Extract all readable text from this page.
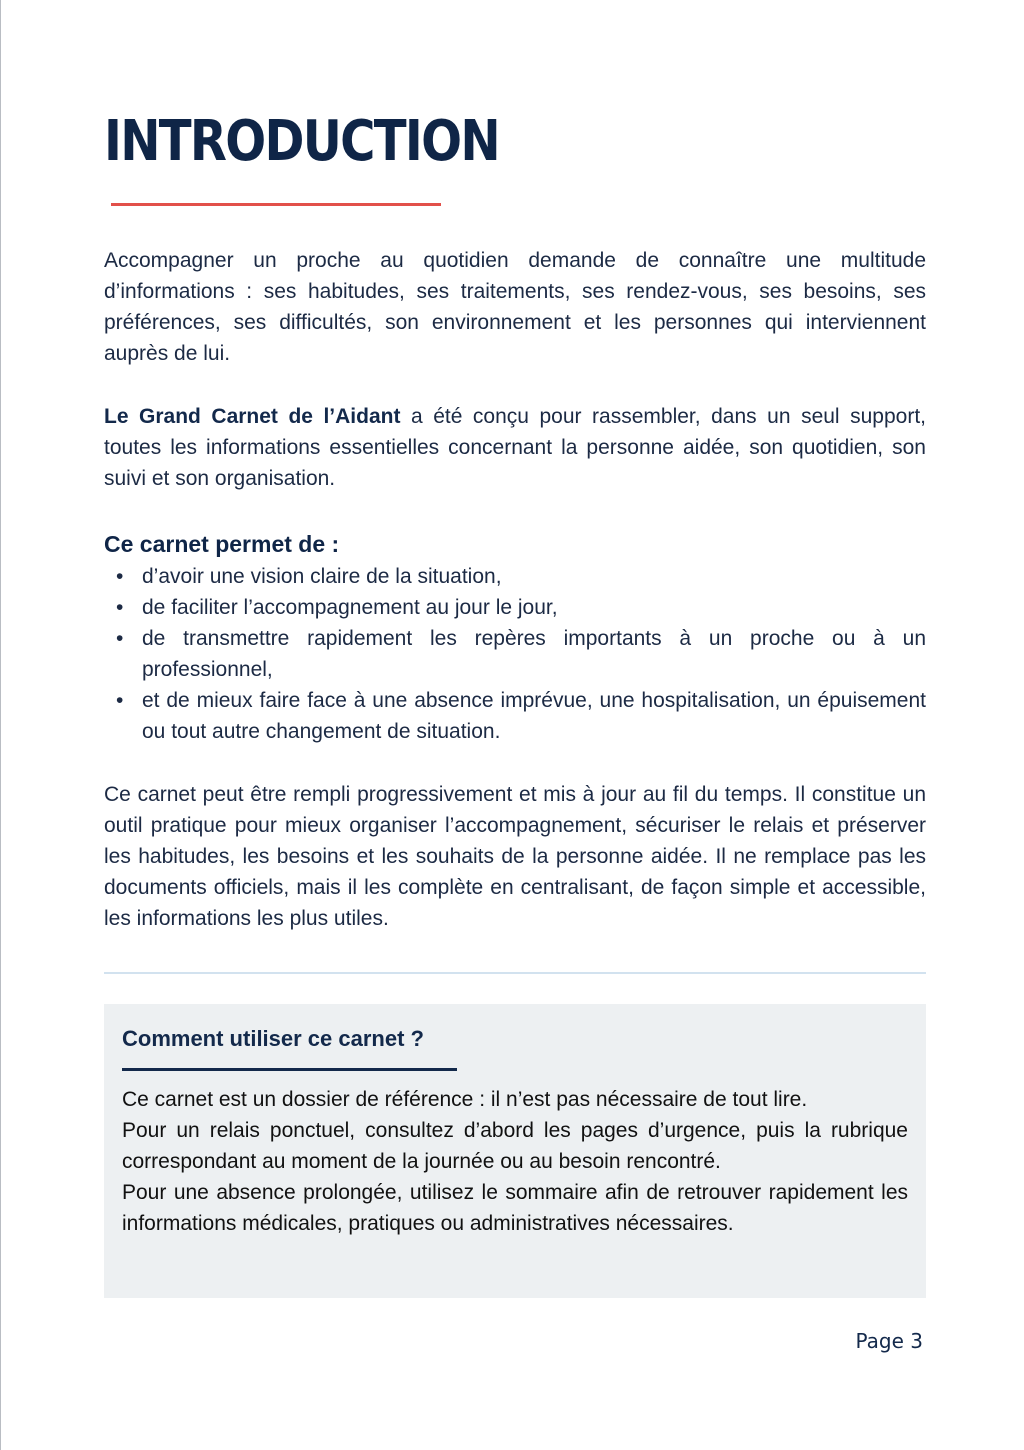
INTRODUCTION

Accompagner un proche au quotidien demande de connaître une multitude d’informations : ses habitudes, ses traitements, ses rendez-vous, ses besoins, ses préférences, ses difficultés, son environnement et les personnes qui interviennent auprès de lui.

Le Grand Carnet de l’Aidant a été conçu pour rassembler, dans un seul support, toutes les informations essentielles concernant la personne aidée, son quotidien, son suivi et son organisation.

Ce carnet permet de :
• d’avoir une vision claire de la situation,
• de faciliter l’accompagnement au jour le jour,
• de transmettre rapidement les repères importants à un proche ou à un professionnel,
• et de mieux faire face à une absence imprévue, une hospitalisation, un épuisement ou tout autre changement de situation.

Ce carnet peut être rempli progressivement et mis à jour au fil du temps. Il constitue un outil pratique pour mieux organiser l’accompagnement, sécuriser le relais et préserver les habitudes, les besoins et les souhaits de la personne aidée. Il ne remplace pas les documents officiels, mais il les complète en centralisant, de façon simple et accessible, les informations les plus utiles.

Comment utiliser ce carnet ?

Ce carnet est un dossier de référence : il n’est pas nécessaire de tout lire.

Pour un relais ponctuel, consultez d’abord les pages d’urgence, puis la rubrique correspondant au moment de la journée ou au besoin rencontré.

Pour une absence prolongée, utilisez le sommaire afin de retrouver rapidement les informations médicales, pratiques ou administratives nécessaires.

Page 3
